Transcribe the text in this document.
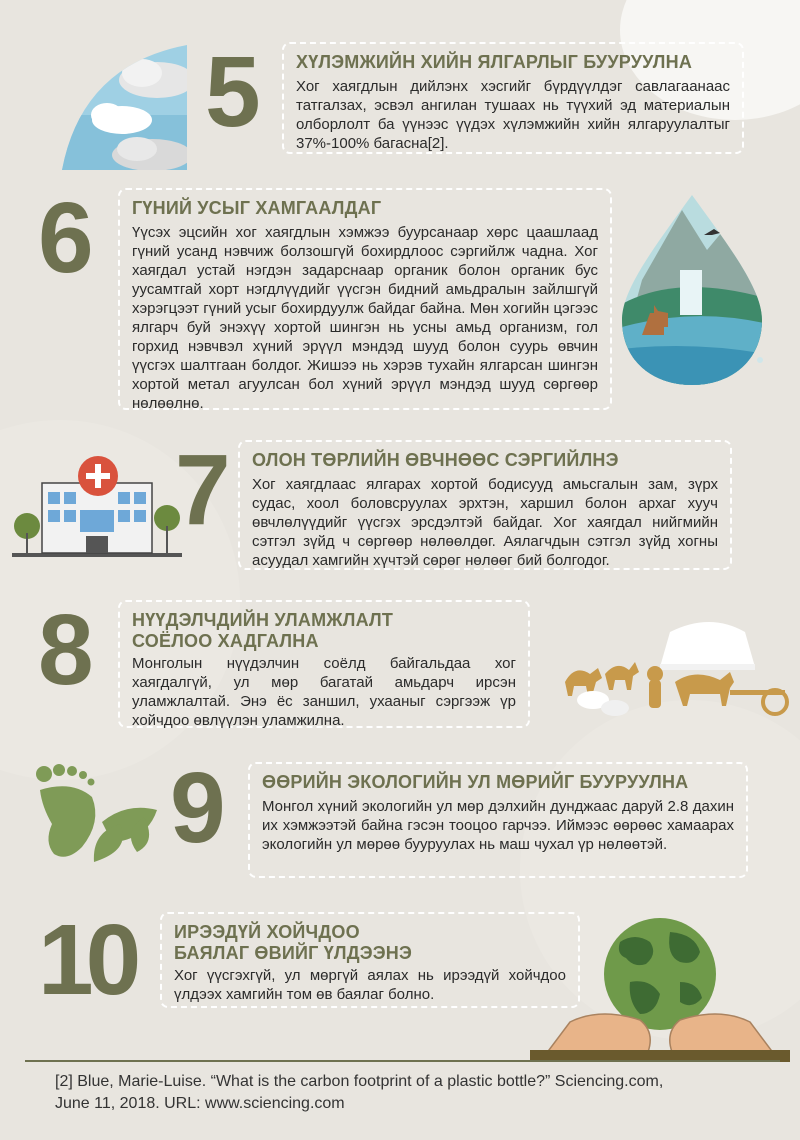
5 ХҮЛЭМЖИЙН ХИЙН ЯЛГАРЛЫГ БУУРУУЛНА

Хог хаягдлын дийлэнх хэсгийг бүрдүүлдэг савлагаанаас татгалзах, эсвэл ангилан тушаах нь түүхий эд материалын олборлолт ба үүнээс үүдэх хүлэмжийн хийн ялгаруулалтыг 37%-100% багасна[2].

6 ГҮНИЙ УСЫГ ХАМГААЛДАГ

Үүсэх эцсийн хог хаягдлын хэмжээ буурсанаар хөрс цаашлаад гүний усанд нэвчиж болзошгүй бохирдлоос сэргийлж чадна. Хог хаягдал устай нэгдэн задарснаар органик болон органик бус уусамтгай хорт нэгдлүүдийг үүсгэн бидний амьдралын зайлшгүй хэрэгцээт гүний усыг бохирдуулж байдаг байна. Мөн хогийн цэгээс ялгарч буй энэхүү хортой шингэн нь усны амьд организм, гол горхид нэвчвэл хүний эрүүл мэндэд шууд болон суурь өвчин үүсгэх шалтгаан болдог. Жишээ нь хэрэв тухайн ялгарсан шингэн хортой метал агуулсан бол хүний эрүүл мэндэд шууд сөргөөр нөлөөлнө.

7 ОЛОН ТӨРЛИЙН ӨВЧНӨӨС СЭРГИЙЛНЭ

Хог хаягдлаас ялгарах хортой бодисууд амьсгалын зам, зүрх судас, хоол боловсруулах эрхтэн, харшил болон архаг хууч өвчлөлүүдийг үүсгэх эрсдэлтэй байдаг. Хог хаягдал нийгмийн сэтгэл зүйд ч сөргөөр нөлөөлдөг. Аялагчдын сэтгэл зүйд хогны асуудал хамгийн хүчтэй сөрөг нөлөөг бий болгодог.

8 НҮҮДЭЛЧДИЙН УЛАМЖЛАЛТ
СОЁЛОО ХАДГАЛНА

Монголын нүүдэлчин соёлд байгальдаа хог хаягдалгүй, ул мөр багатай амьдарч ирсэн уламжлалтай. Энэ ёс заншил, ухааныг сэргээж үр хойчдоо өвлүүлэн уламжилна.

9 ӨӨРИЙН ЭКОЛОГИЙН УЛ МӨРИЙГ БУУРУУЛНА

Монгол хүний экологийн ул мөр дэлхийн дунджаас даруй 2.8 дахин их хэмжээтэй байна гэсэн тооцоо гарчээ. Иймээс өөрөөс хамаарах экологийн ул мөрөө бууруулах нь маш чухал үр нөлөөтэй.

10 ИРЭЭДҮЙ ХОЙЧДОО
БАЯЛАГ ӨВИЙГ ҮЛДЭЭНЭ

Хог үүсгэхгүй, ул мөргүй аялах нь ирээдүй хойчдоо үлдээх хамгийн том өв баялаг болно.

[2] Blue, Marie-Luise. “What is the carbon footprint of a plastic bottle?” Sciencing.com,
June 11, 2018. URL: www.sciencing.com
